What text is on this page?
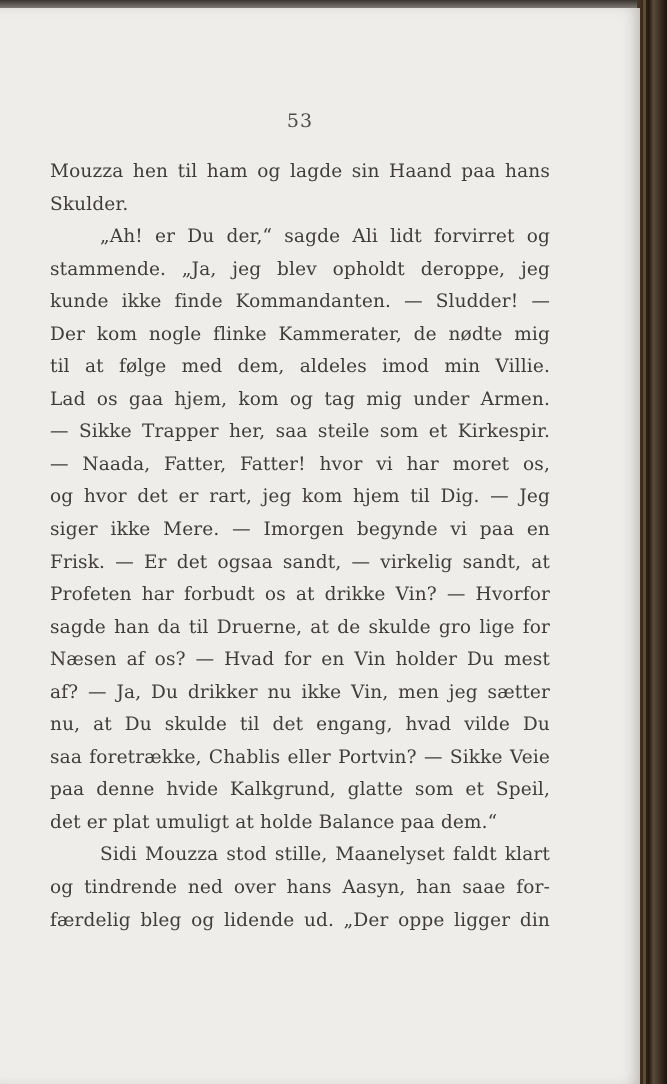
53
Mouzza hen til ham og lagde sin Haand paa hans
Skulder.
„Ah! er Du der,“ sagde Ali lidt forvirret og
stammende. „Ja, jeg blev opholdt deroppe, jeg
kunde ikke finde Kommandanten. — Sludder! —
Der kom nogle flinke Kammerater, de nødte mig
til at følge med dem, aldeles imod min Villie.
Lad os gaa hjem, kom og tag mig under Armen.
— Sikke Trapper her, saa steile som et Kirkespir.
— Naada, Fatter, Fatter! hvor vi har moret os,
og hvor det er rart, jeg kom hjem til Dig. — Jeg
siger ikke Mere. — Imorgen begynde vi paa en
Frisk. — Er det ogsaa sandt, — virkelig sandt, at
Profeten har forbudt os at drikke Vin? — Hvorfor
sagde han da til Druerne, at de skulde gro lige for
Næsen af os? — Hvad for en Vin holder Du mest
af? — Ja, Du drikker nu ikke Vin, men jeg sætter
nu, at Du skulde til det engang, hvad vilde Du
saa foretrække, Chablis eller Portvin? — Sikke Veie
paa denne hvide Kalkgrund, glatte som et Speil,
det er plat umuligt at holde Balance paa dem.“
Sidi Mouzza stod stille, Maanelyset faldt klart
og tindrende ned over hans Aasyn, han saae for-
færdelig bleg og lidende ud. „Der oppe ligger din
